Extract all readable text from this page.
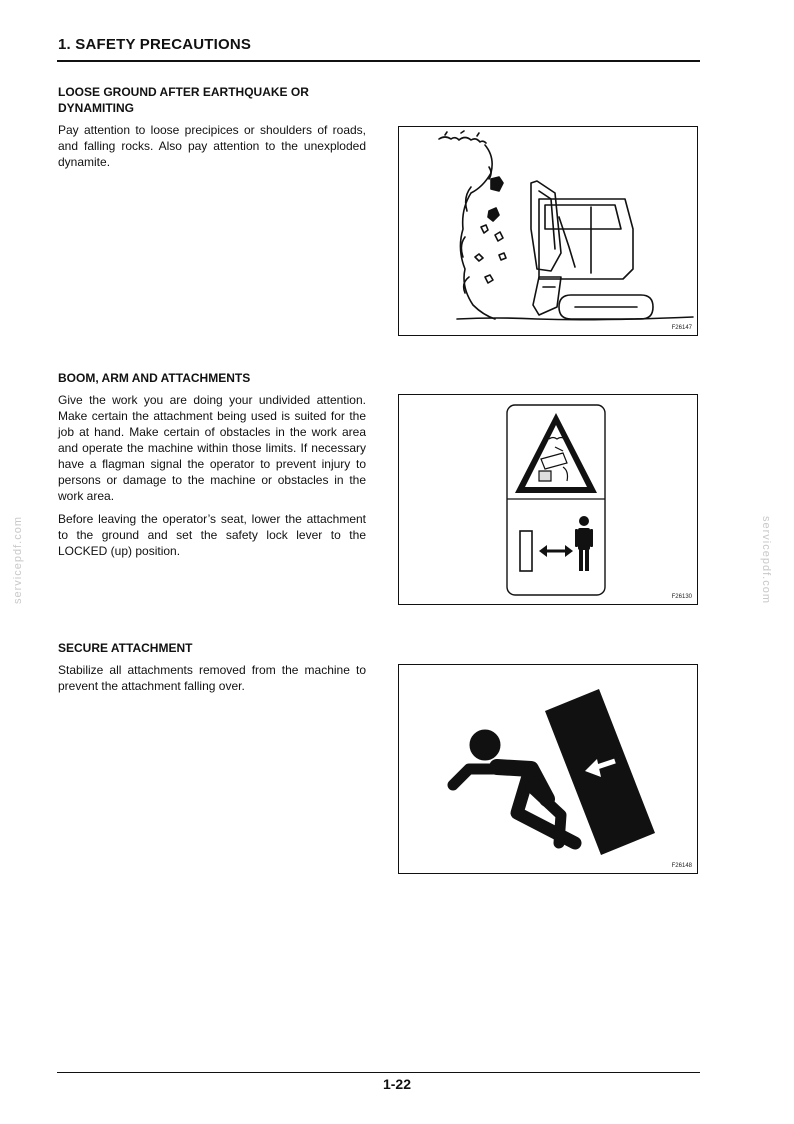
1. SAFETY PRECAUTIONS
LOOSE GROUND AFTER EARTHQUAKE OR DYNAMITING

Pay attention to loose precipices or shoulders of roads, and falling rocks. Also pay attention to the unexploded dynamite.

F26147
BOOM, ARM AND ATTACHMENTS

Give the work you are doing your undivided attention. Make certain the attachment being used is suited for the job at hand. Make certain of obstacles in the work area and operate the machine within those limits. If necessary have a flagman signal the operator to prevent injury to persons or damage to the machine or obstacles in the work area.

Before leaving the operator’s seat, lower the attachment to the ground and set the safety lock lever to the LOCKED (up) position.

F26130
SECURE ATTACHMENT

Stabilize all attachments removed from the machine to prevent the attachment falling over.

F26148
servicepdf.com	servicepdf.com
1-22
